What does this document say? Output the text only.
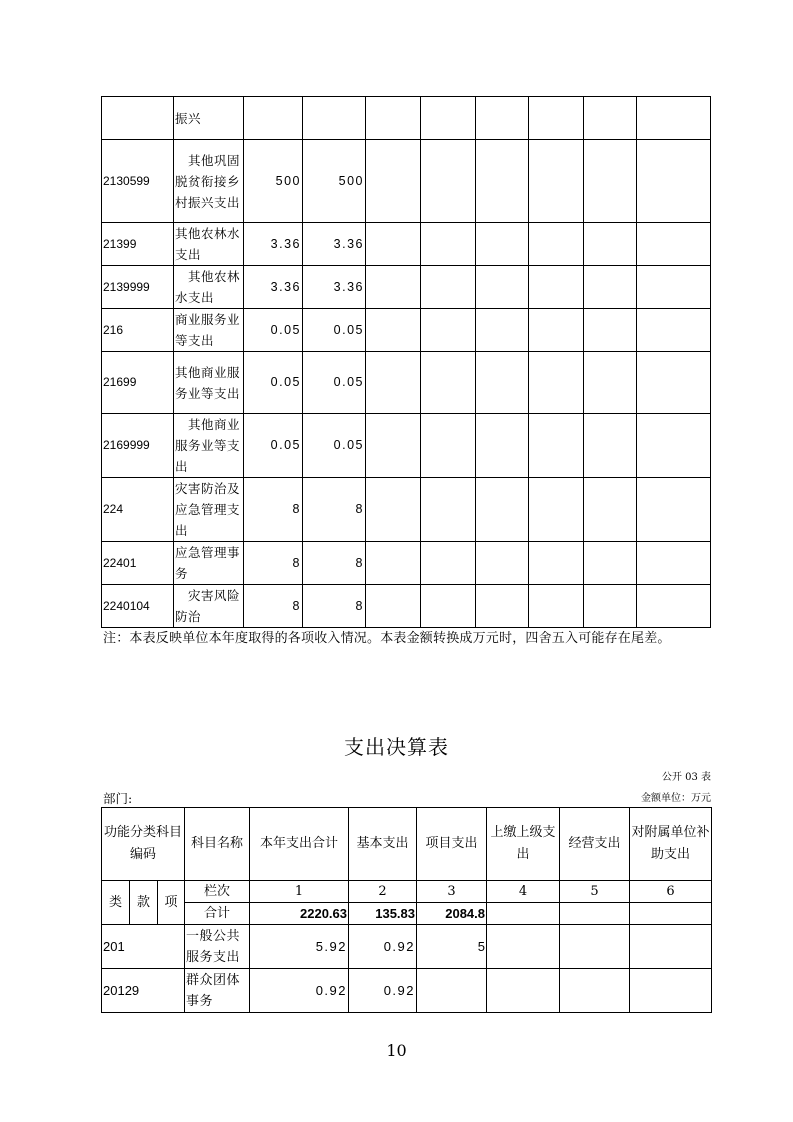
	振兴								
2130599	　其他巩固脱贫衔接乡村振兴支出	500	500						
21399	其他农林水支出	3.36	3.36						
2139999	　其他农林水支出	3.36	3.36						
216	商业服务业等支出	0.05	0.05						
21699	其他商业服务业等支出	0.05	0.05						
2169999	　其他商业服务业等支出	0.05	0.05						
224	灾害防治及应急管理支出	8	8						
22401	应急管理事务	8	8						
2240104	　灾害风险防治	8	8						
注：本表反映单位本年度取得的各项收入情况。本表金额转换成万元时，四舍五入可能存在尾差。
支出决算表
公开 03 表
部门:	金额单位：万元
功能分类科目编码			科目名称	本年支出合计	基本支出	项目支出	上缴上级支出	经营支出	对附属单位补助支出
类	款	项	栏次	1	2	3	4	5	6
			合计	2220.63	135.83	2084.8			
201			一般公共服务支出	5.92	0.92	5			
20129			群众团体事务	0.92	0.92				
10
